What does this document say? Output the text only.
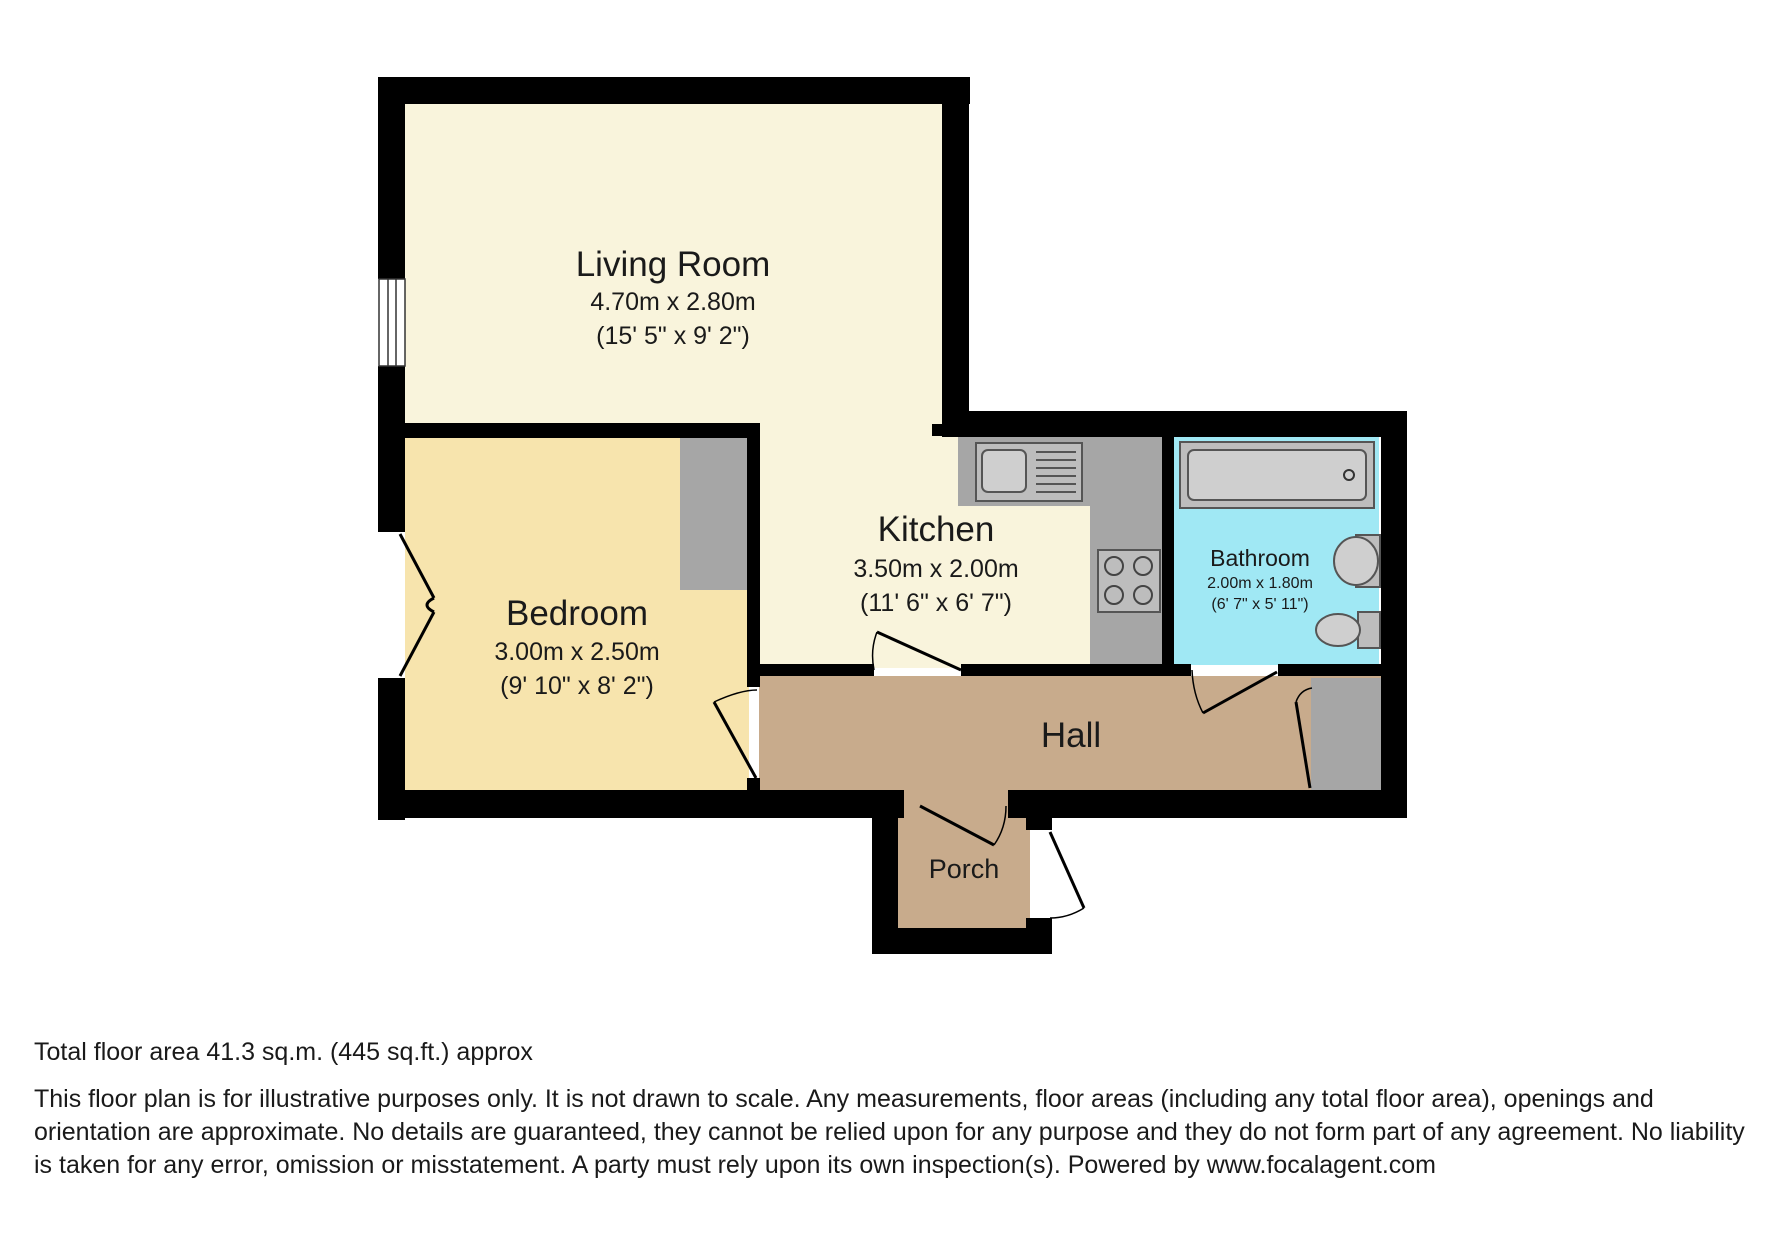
Living Room
4.70m x 2.80m
(15' 5" x 9' 2")
Kitchen
3.50m x 2.00m
(11' 6" x 6' 7")
Bedroom
3.00m x 2.50m
(9' 10" x 8' 2")
Bathroom
2.00m x 1.80m
(6' 7" x 5' 11")
Hall
Porch
Total floor area 41.3 sq.m. (445 sq.ft.) approx
This floor plan is for illustrative purposes only. It is not drawn to scale. Any measurements, floor areas (including any total floor area), openings and orientation are approximate. No details are guaranteed, they cannot be relied upon for any purpose and they do not form part of any agreement. No liability is taken for any error, omission or misstatement. A party must rely upon its own inspection(s). Powered by www.focalagent.com
